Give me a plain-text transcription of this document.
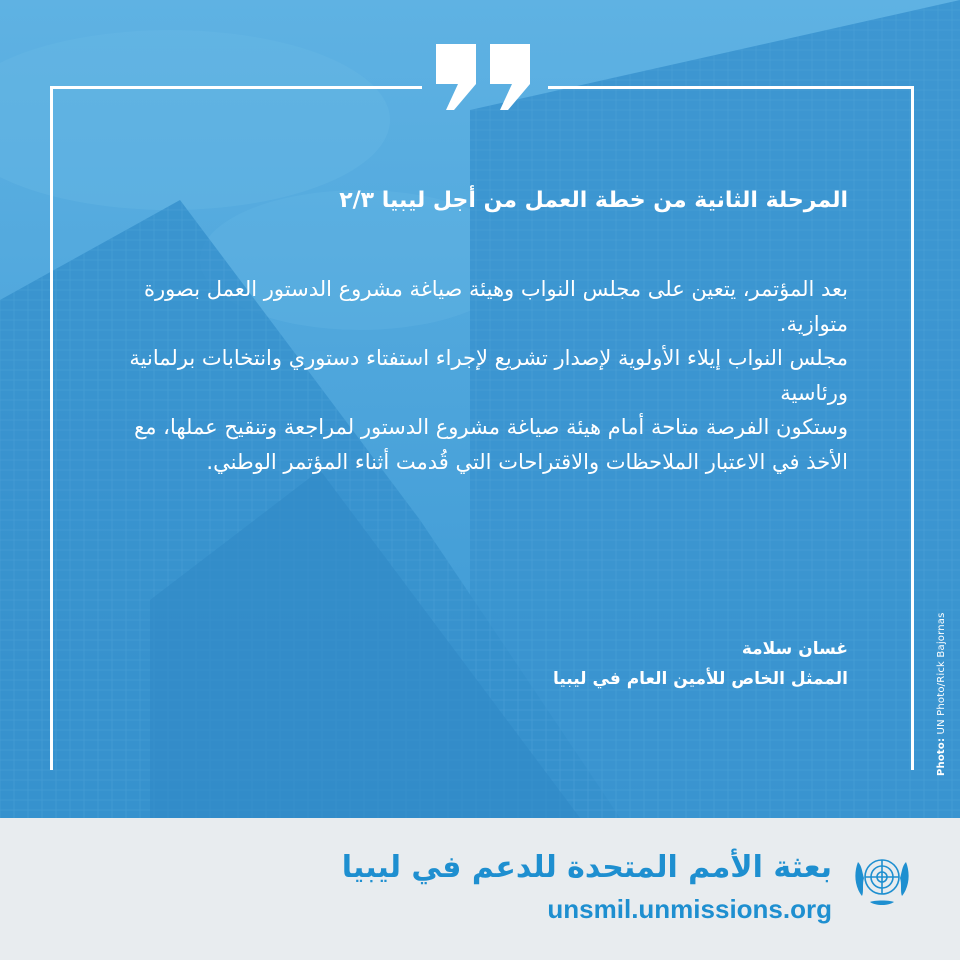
المرحلة الثانية من خطة العمل من أجل ليبيا ٢/٣

بعد المؤتمر، يتعين على مجلس النواب وهيئة صياغة مشروع الدستور العمل بصورة متوازية.

مجلس النواب إيلاء الأولوية لإصدار تشريع لإجراء استفتاء دستوري وانتخابات برلمانية ورئاسية

وستكون الفرصة متاحة أمام هيئة صياغة مشروع الدستور لمراجعة وتنقيح عملها، مع الأخذ في الاعتبار الملاحظات والاقتراحات التي قُدمت أثناء المؤتمر الوطني.

غسان سلامة
الممثل الخاص للأمين العام في ليبيا
Photo: UN Photo/Rick Bajornas
بعثة الأمم المتحدة للدعم في ليبيا
unsmil.unmissions.org
